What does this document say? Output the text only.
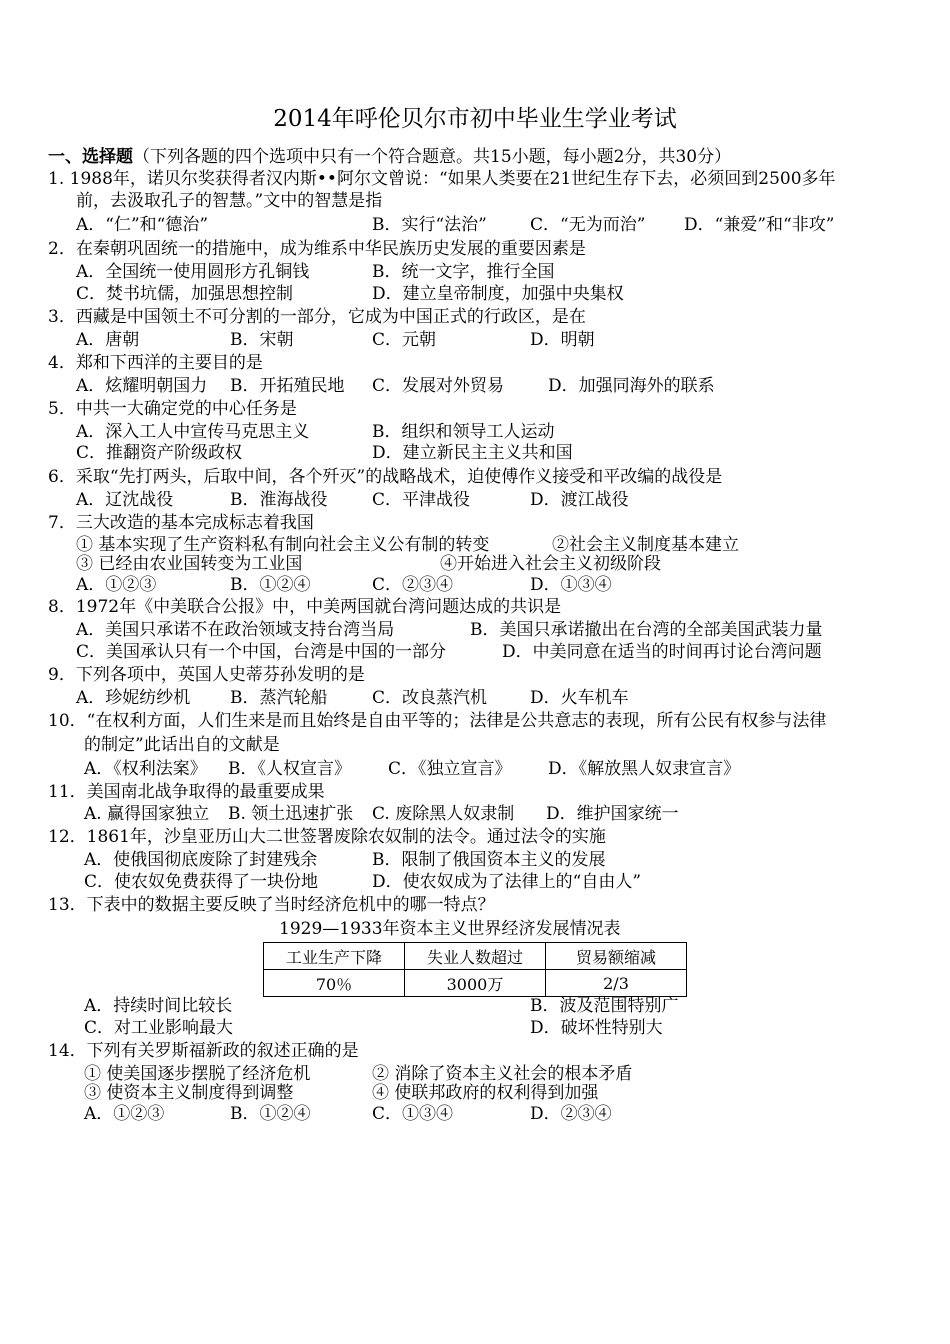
2014年呼伦贝尔市初中毕业生学业考试
一、选择题（下列各题的四个选项中只有一个符合题意。共15小题，每小题2分，共30分）
1. 1988年，诺贝尔奖获得者汉内斯••阿尔文曾说：“如果人类要在21世纪生存下去，必须回到2500多年
前，去汲取孔子的智慧。”文中的智慧是指
A．“仁”和“德治”	B．实行“法治”	C．“无为而治” D．“兼爱”和“非攻”
2．在秦朝巩固统一的措施中，成为维系中华民族历史发展的重要因素是
A．全国统一使用圆形方孔铜钱	B．统一文字，推行全国
C．焚书坑儒，加强思想控制	D．建立皇帝制度，加强中央集权
3．西藏是中国领土不可分割的一部分，它成为中国正式的行政区，是在
A．唐朝	B．宋朝	C．元朝	D．明朝
4．郑和下西洋的主要目的是
A．炫耀明朝国力 B．开拓殖民地 C．发展对外贸易	D．加强同海外的联系
5．中共一大确定党的中心任务是
A．深入工人中宣传马克思主义	B．组织和领导工人运动
C．推翻资产阶级政权	D．建立新民主主义共和国
6．采取“先打两头，后取中间，各个歼灭”的战略战术，迫使傅作义接受和平改编的战役是
A．辽沈战役	B．淮海战役	C．平津战役	D．渡江战役
7．三大改造的基本完成标志着我国
① 基本实现了生产资料私有制向社会主义公有制的转变	②社会主义制度基本建立
③ 已经由农业国转变为工业国	④开始进入社会主义初级阶段
A．①②③	B．①②④	C．②③④	D．①③④
8．1972年《中美联合公报》中，中美两国就台湾问题达成的共识是
A．美国只承诺不在政治领域支持台湾当局	B．美国只承诺撤出在台湾的全部美国武装力量
C．美国承认只有一个中国，台湾是中国的一部分	D．中美同意在适当的时间再讨论台湾问题
9．下列各项中，英国人史蒂芬孙发明的是
A．珍妮纺纱机 B．蒸汽轮船	C．改良蒸汽机	D．火车机车
10．“在权利方面，人们生来是而且始终是自由平等的；法律是公共意志的表现，所有公民有权参与法律
的制定”此话出自的文献是
A．《权利法案》 B．《人权宣言》 C．《独立宣言》 D．《解放黑人奴隶宣言》
11．美国南北战争取得的最重要成果
A. 赢得国家独立 B. 领土迅速扩张 C. 废除黑人奴隶制 D．维护国家统一
12．1861年，沙皇亚历山大二世签署废除农奴制的法令。通过法令的实施
A．使俄国彻底废除了封建残余	B．限制了俄国资本主义的发展
C．使农奴免费获得了一块份地	D．使农奴成为了法律上的“自由人”
13．下表中的数据主要反映了当时经济危机中的哪一特点？
1929—1933年资本主义世界经济发展情况表
工业生产下降	失业人数超过	贸易额缩减
70％	3000万	2/3
A．持续时间比较长	B．波及范围特别广
C．对工业影响最大	D．破坏性特别大
14．下列有关罗斯福新政的叙述正确的是
① 使美国逐步摆脱了经济危机	② 消除了资本主义社会的根本矛盾
③ 使资本主义制度得到调整	④ 使联邦政府的权利得到加强
A．①②③	B．①②④	C．①③④	D．②③④
